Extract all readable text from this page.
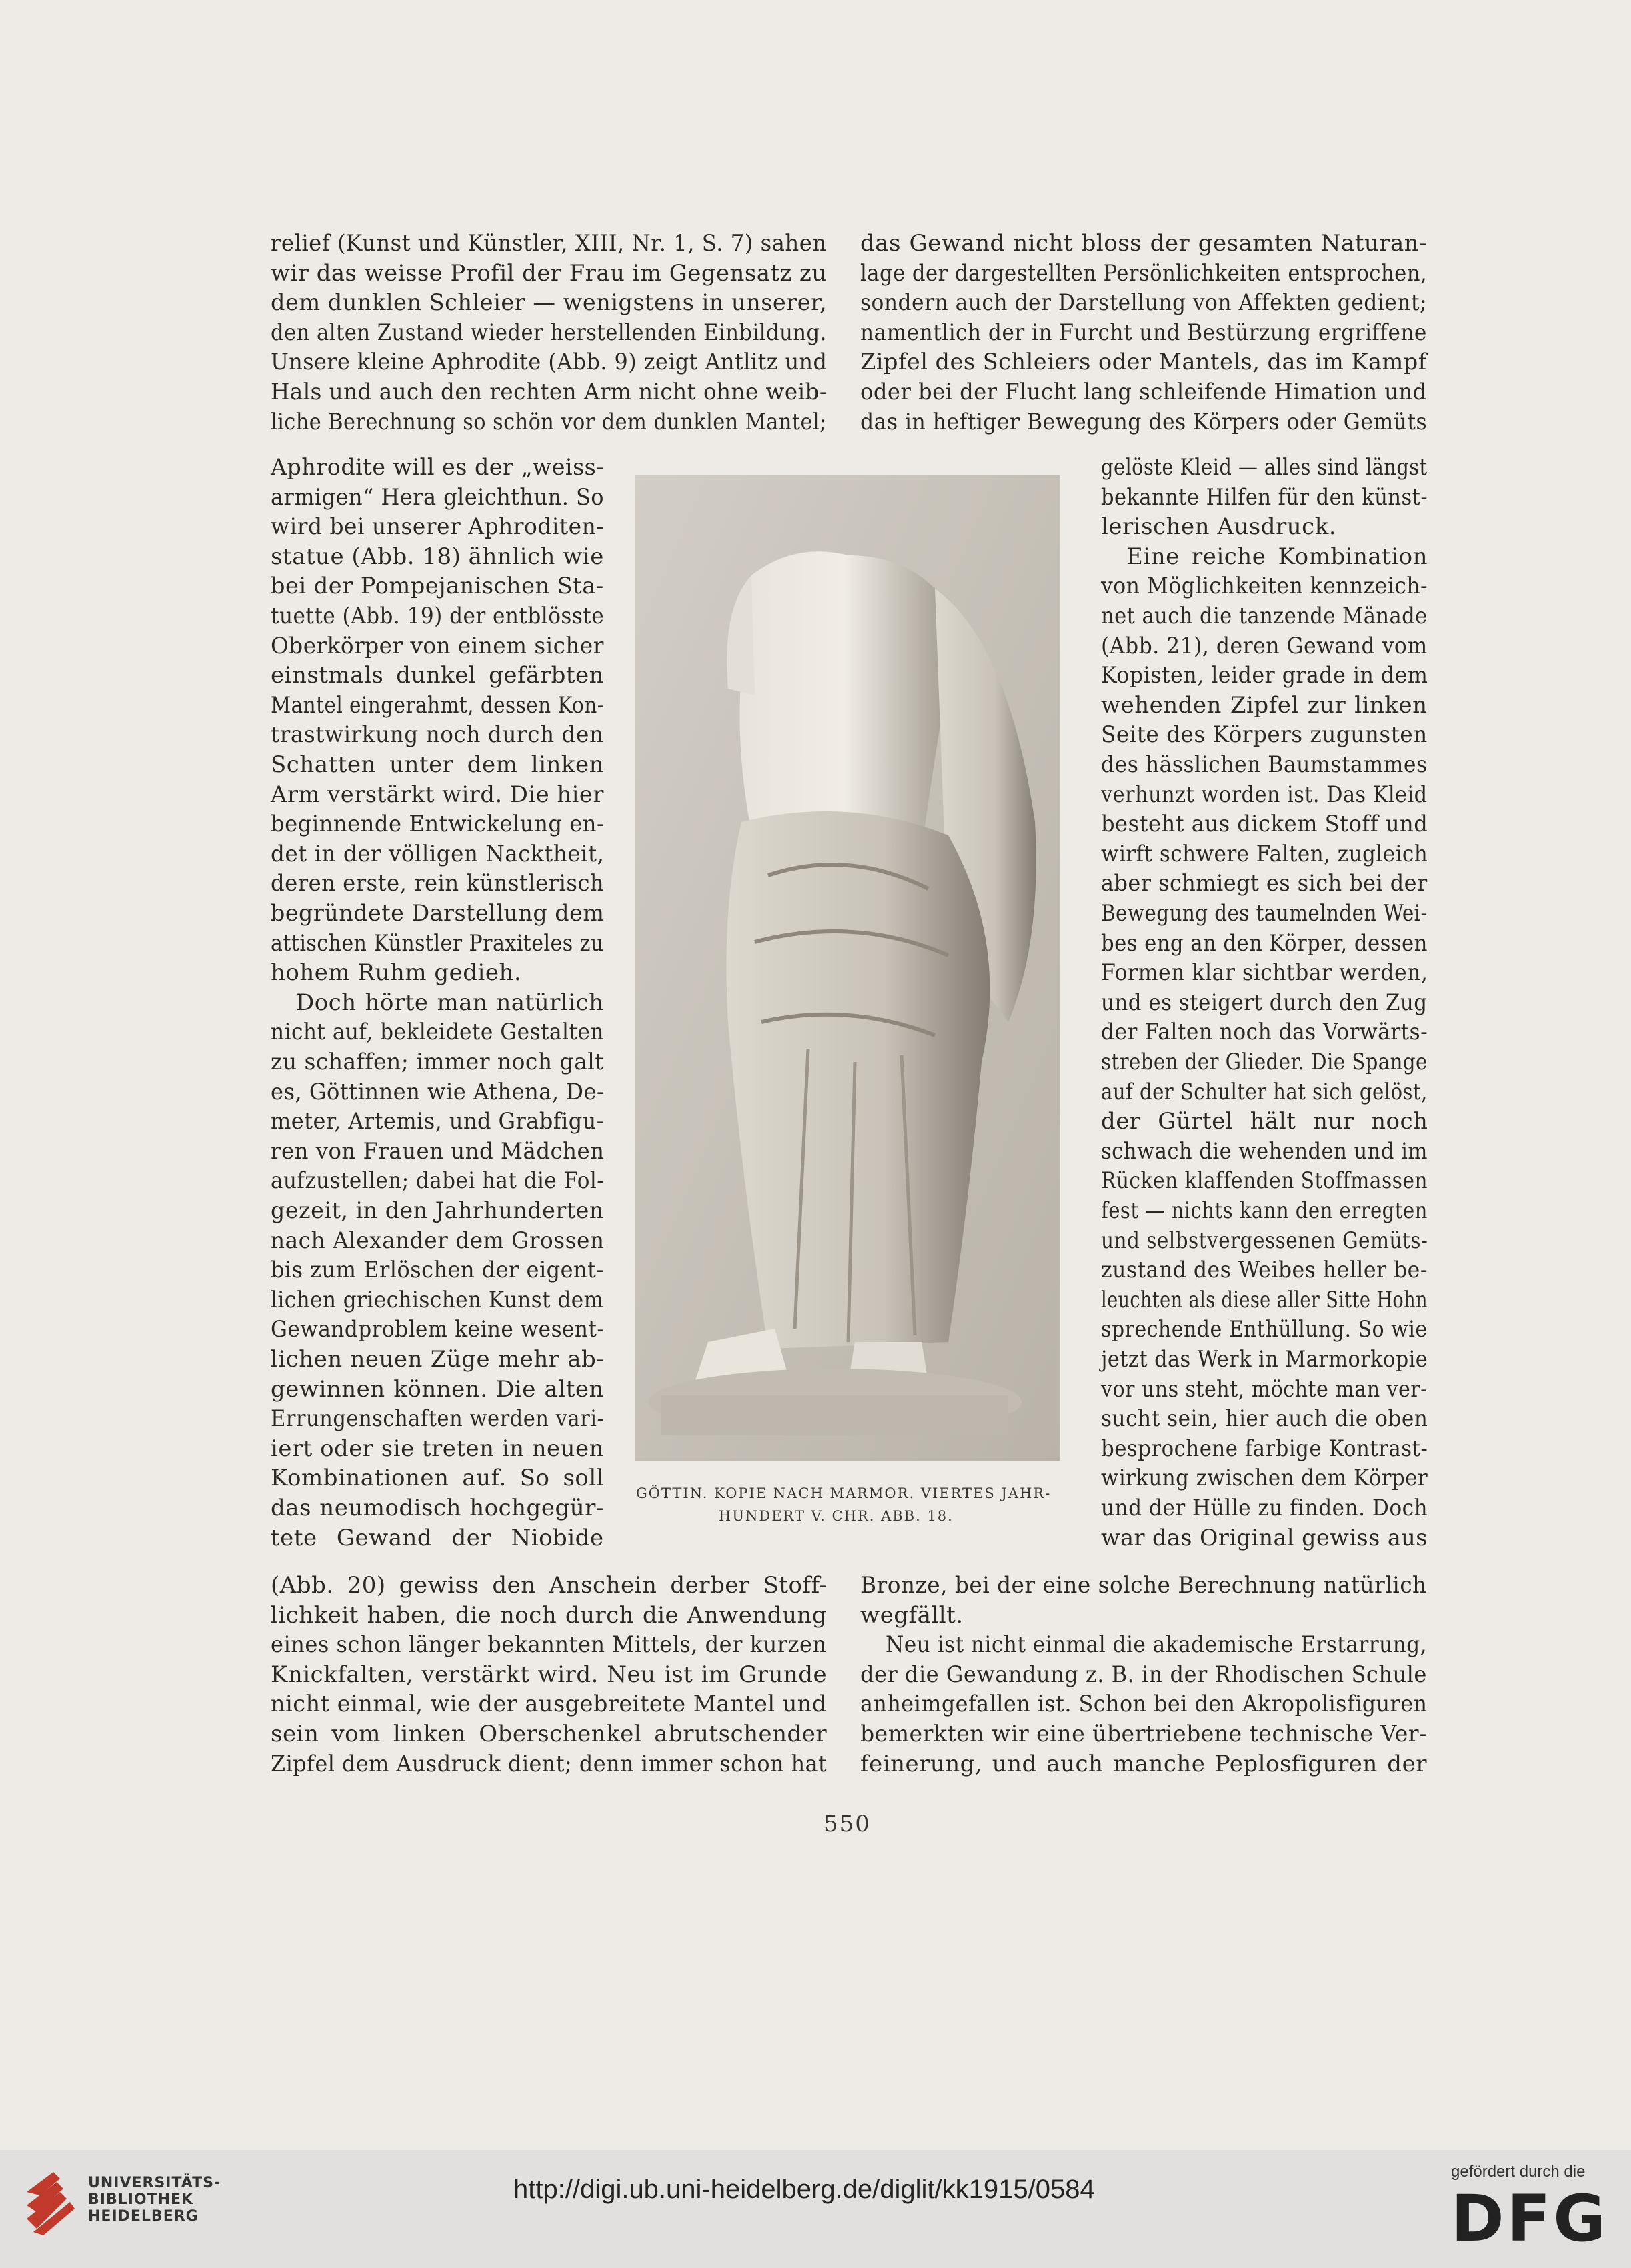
relief (Kunst und Künstler, XIII, Nr. 1, S. 7) sahen
wir das weisse Profil der Frau im Gegensatz zu
dem dunklen Schleier — wenigstens in unserer,
den alten Zustand wieder herstellenden Einbildung.
Unsere kleine Aphrodite (Abb. 9) zeigt Antlitz und
Hals und auch den rechten Arm nicht ohne weib-
liche Berechnung so schön vor dem dunklen Mantel;
Aphrodite will es der „weiss-
armigen“ Hera gleichthun. So
wird bei unserer Aphroditen-
statue (Abb. 18) ähnlich wie
bei der Pompejanischen Sta-
tuette (Abb. 19) der entblösste
Oberkörper von einem sicher
einstmals dunkel gefärbten
Mantel eingerahmt, dessen Kon-
trastwirkung noch durch den
Schatten unter dem linken
Arm verstärkt wird. Die hier
beginnende Entwickelung en-
det in der völligen Nacktheit,
deren erste, rein künstlerisch
begründete Darstellung dem
attischen Künstler Praxiteles zu
hohem Ruhm gedieh.
Doch hörte man natürlich
nicht auf, bekleidete Gestalten
zu schaffen; immer noch galt
es, Göttinnen wie Athena, De-
meter, Artemis, und Grabfigu-
ren von Frauen und Mädchen
aufzustellen; dabei hat die Fol-
gezeit, in den Jahrhunderten
nach Alexander dem Grossen
bis zum Erlöschen der eigent-
lichen griechischen Kunst dem
Gewandproblem keine wesent-
lichen neuen Züge mehr ab-
gewinnen können. Die alten
Errungenschaften werden vari-
iert oder sie treten in neuen
Kombinationen auf. So soll
das neumodisch hochgegür-
tete Gewand der Niobide
(Abb. 20) gewiss den Anschein derber Stoff-
lichkeit haben, die noch durch die Anwendung
eines schon länger bekannten Mittels, der kurzen
Knickfalten, verstärkt wird. Neu ist im Grunde
nicht einmal, wie der ausgebreitete Mantel und
sein vom linken Oberschenkel abrutschender
Zipfel dem Ausdruck dient; denn immer schon hat
das Gewand nicht bloss der gesamten Naturan-
lage der dargestellten Persönlichkeiten entsprochen,
sondern auch der Darstellung von Affekten gedient;
namentlich der in Furcht und Bestürzung ergriffene
Zipfel des Schleiers oder Mantels, das im Kampf
oder bei der Flucht lang schleifende Himation und
das in heftiger Bewegung des Körpers oder Gemüts
gelöste Kleid — alles sind längst
bekannte Hilfen für den künst-
lerischen Ausdruck.
Eine reiche Kombination
von Möglichkeiten kennzeich-
net auch die tanzende Mänade
(Abb. 21), deren Gewand vom
Kopisten, leider grade in dem
wehenden Zipfel zur linken
Seite des Körpers zugunsten
des hässlichen Baumstammes
verhunzt worden ist. Das Kleid
besteht aus dickem Stoff und
wirft schwere Falten, zugleich
aber schmiegt es sich bei der
Bewegung des taumelnden Wei-
bes eng an den Körper, dessen
Formen klar sichtbar werden,
und es steigert durch den Zug
der Falten noch das Vorwärts-
streben der Glieder. Die Spange
auf der Schulter hat sich gelöst,
der Gürtel hält nur noch
schwach die wehenden und im
Rücken klaffenden Stoffmassen
fest — nichts kann den erregten
und selbstvergessenen Gemüts-
zustand des Weibes heller be-
leuchten als diese aller Sitte Hohn
sprechende Enthüllung. So wie
jetzt das Werk in Marmorkopie
vor uns steht, möchte man ver-
sucht sein, hier auch die oben
besprochene farbige Kontrast-
wirkung zwischen dem Körper
und der Hülle zu finden. Doch
war das Original gewiss aus
Bronze, bei der eine solche Berechnung natürlich
wegfällt.
Neu ist nicht einmal die akademische Erstarrung,
der die Gewandung z. B. in der Rhodischen Schule
anheimgefallen ist. Schon bei den Akropolisfiguren
bemerkten wir eine übertriebene technische Ver-
feinerung, und auch manche Peplosfiguren der
GÖTTIN. KOPIE NACH MARMOR. VIERTES JAHR-
HUNDERT V. CHR. ABB. 18.
550
UNIVERSITÄTS-
BIBLIOTHEK
HEIDELBERG
http://digi.ub.uni-heidelberg.de/diglit/kk1915/0584
gefördert durch die
DFG
